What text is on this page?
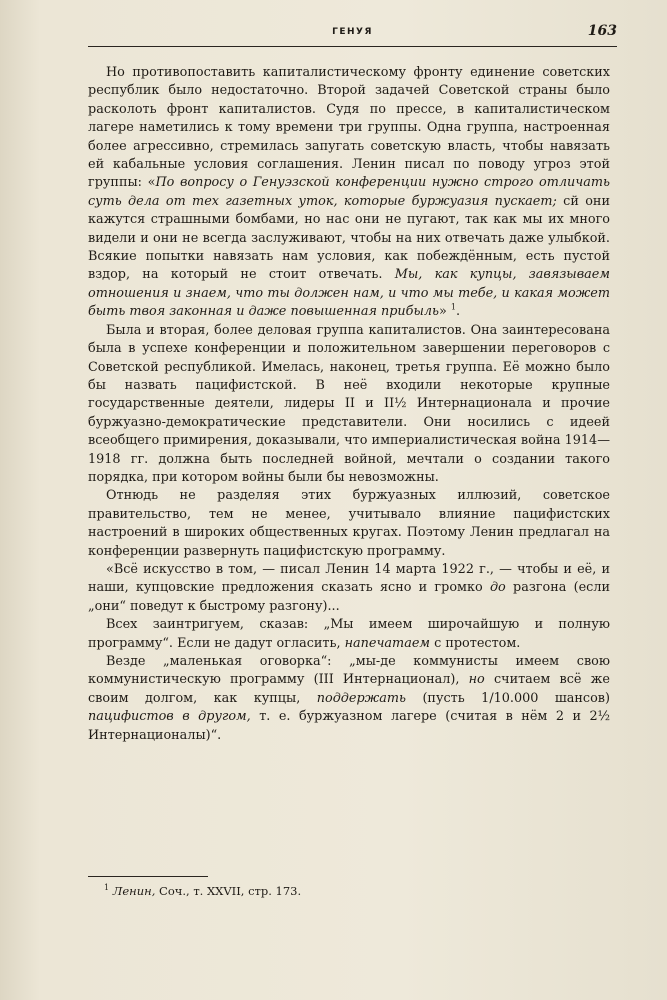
ГЕНУЯ	163

Но противопоставить капиталистическому фронту единение советских республик было недостаточно. Второй задачей Советской страны было расколоть фронт капиталистов. Судя по прессе, в капиталистическом лагере наметились к тому времени три группы. Одна группа, настроенная более агрессивно, стремилась запугать советскую власть, чтобы навязать ей кабальные условия соглашения. Ленин писал по поводу угроз этой группы: «По вопросу о Генуэзской конференции нужно строго отличать суть дела от тех газетных уток, которые буржуазия пускает; сй они кажутся страшными бомбами, но нас они не пугают, так как мы их много видели и они не всегда заслуживают, чтобы на них отвечать даже улыбкой. Всякие попытки навязать нам условия, как побеждённым, есть пустой вздор, на который не стоит отвечать. Мы, как купцы, завязываем отношения и знаем, что ты должен нам, и что мы тебе, и какая может быть твоя законная и даже повышенная прибыль» $^1$.

Была и вторая, более деловая группа капиталистов. Она заинтересована была в успехе конференции и положительном завершении переговоров с Советской республикой. Имелась, наконец, третья группа. Её можно было бы назвать пацифистской. В неё входили некоторые крупные государственные деятели, лидеры II и II½ Интернационала и прочие буржуазно-демократические представители. Они носились с идеей всеобщего примирения, доказывали, что империалистическая война 1914—1918 гг. должна быть последней войной, мечтали о создании такого порядка, при котором войны были бы невозможны.

Отнюдь не разделяя этих буржуазных иллюзий, советское правительство, тем не менее, учитывало влияние пацифистских настроений в широких общественных кругах. Поэтому Ленин предлагал на конференции развернуть пацифистскую программу.

«Всё искусство в том, — писал Ленин 14 марта 1922 г., — чтобы и её, и наши, купцовские предложения сказать ясно и громко до разгона (если „они“ поведут к быстрому разгону)...

Всех заинтригуем, сказав: „Мы имеем широчайшую и полную программу“. Если не дадут огласить, напечатаем с протестом.

Везде „маленькая оговорка“: „мы-де коммунисты имеем свою коммунистическую программу (III Интернационал), но считаем всё же своим долгом, как купцы, поддержать (пусть 1/10.000 шансов) пацифистов в другом, т. е. буржуазном лагере (считая в нём 2 и 2½ Интернационалы)“.

$^1$ Ленин, Соч., т. XXVII, стр. 173.
